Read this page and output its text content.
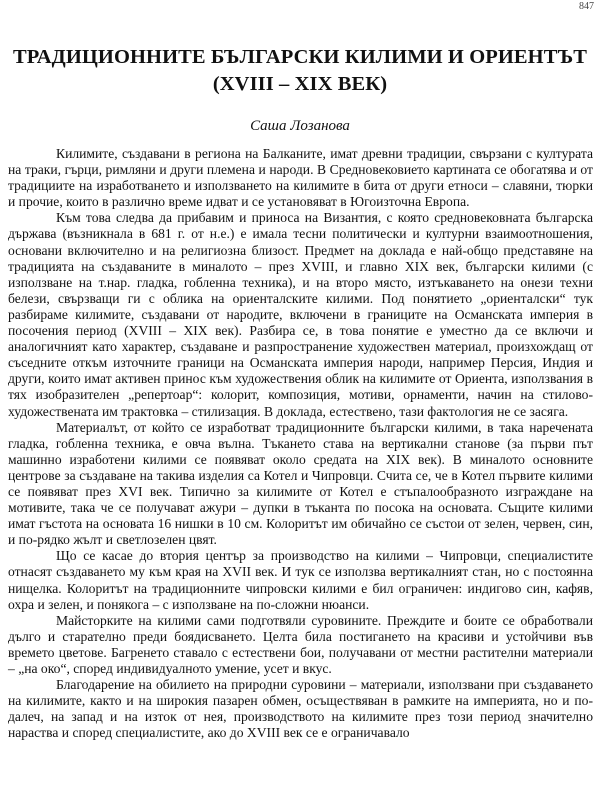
847
ТРАДИЦИОННИТЕ БЪЛГАРСКИ КИЛИМИ И ОРИЕНТЪТ
(XVIII – XIX ВЕК)
Саша Лозанова

Килимите, създавани в региона на Балканите, имат древни традиции, свързани с културата на траки, гърци, римляни и други племена и народи. В Средновековието картината се обогатява и от традициите на изработването и използването на килимите в бита от други етноси – славяни, тюрки и прочие, които в различно време идват и се установяват в Югоизточна Европа.

Към това следва да прибавим и приноса на Византия, с която средновековната българска държава (възникнала в 681 г. от н.е.) е имала тесни политически и културни взаимоотношения, основани включително и на религиозна близост. Предмет на доклада е най-общо представяне на традицията на създаваните в миналото – през XVIII, и главно XIX век, български килими (с използване на т.нар. гладка, гобленна техника), и на второ място, изтъкаването на онези техни белези, свързващи ги с облика на ориенталските килими. Под понятието „ориенталски“ тук разбираме килимите, създавани от народите, включени в границите на Османската империя в посочения период (XVIII – XIX век). Разбира се, в това понятие е уместно да се включи и аналогичният като характер, създаване и разпространение художествен материал, произхождащ от съседните откъм източните граници на Османската империя народи, например Персия, Индия и други, които имат активен принос към художествения облик на килимите от Ориента, използвания в тях изобразителен „репертоар“: колорит, композиция, мотиви, орнаменти, начин на стилово-художествената им трактовка – стилизация. В доклада, естествено, тази фактология не се засяга.

Материалът, от който се изработват традиционните български килими, в така наречената гладка, гобленна техника, е овча вълна. Тъкането става на вертикални станове (за първи път машинно изработени килими се появяват около средата на XIX век). В миналото основните центрове за създаване на такива изделия са Котел и Чипровци. Счита се, че в Котел първите килими се появяват през XVI век. Типично за килимите от Котел е стъпалообразното изграждане на мотивите, така че се получават ажури – дупки в тъканта по посока на основата. Същите килими имат гъстота на основата 16 нишки в 10 см. Колоритът им обичайно се състои от зелен, червен, син, и по-рядко жълт и светлозелен цвят.

Що се касае до втория център за производство на килими – Чипровци, специалистите отнасят създаването му към края на XVII век. И тук се използва вертикалният стан, но с постоянна нищелка. Колоритът на традиционните чипровски килими е бил ограничен: индигово син, кафяв, охра и зелен, и понякога – с използване на по-сложни нюанси.

Майсторките на килими сами подготвяли суровините. Преждите и боите се обработвали дълго и старателно преди боядисването. Целта била постигането на красиви и устойчиви във времето цветове. Багренето ставало с естествени бои, получавани от местни растителни материали – „на око“, според индивидуалното умение, усет и вкус.

Благодарение на обилието на природни суровини – материали, използвани при създаването на килимите, както и на широкия пазарен обмен, осъществяван в рамките на империята, но и по-далеч, на запад и на изток от нея, производството на килимите през този период значително нараства и според специалистите, ако до XVIII век се е ограничавало
